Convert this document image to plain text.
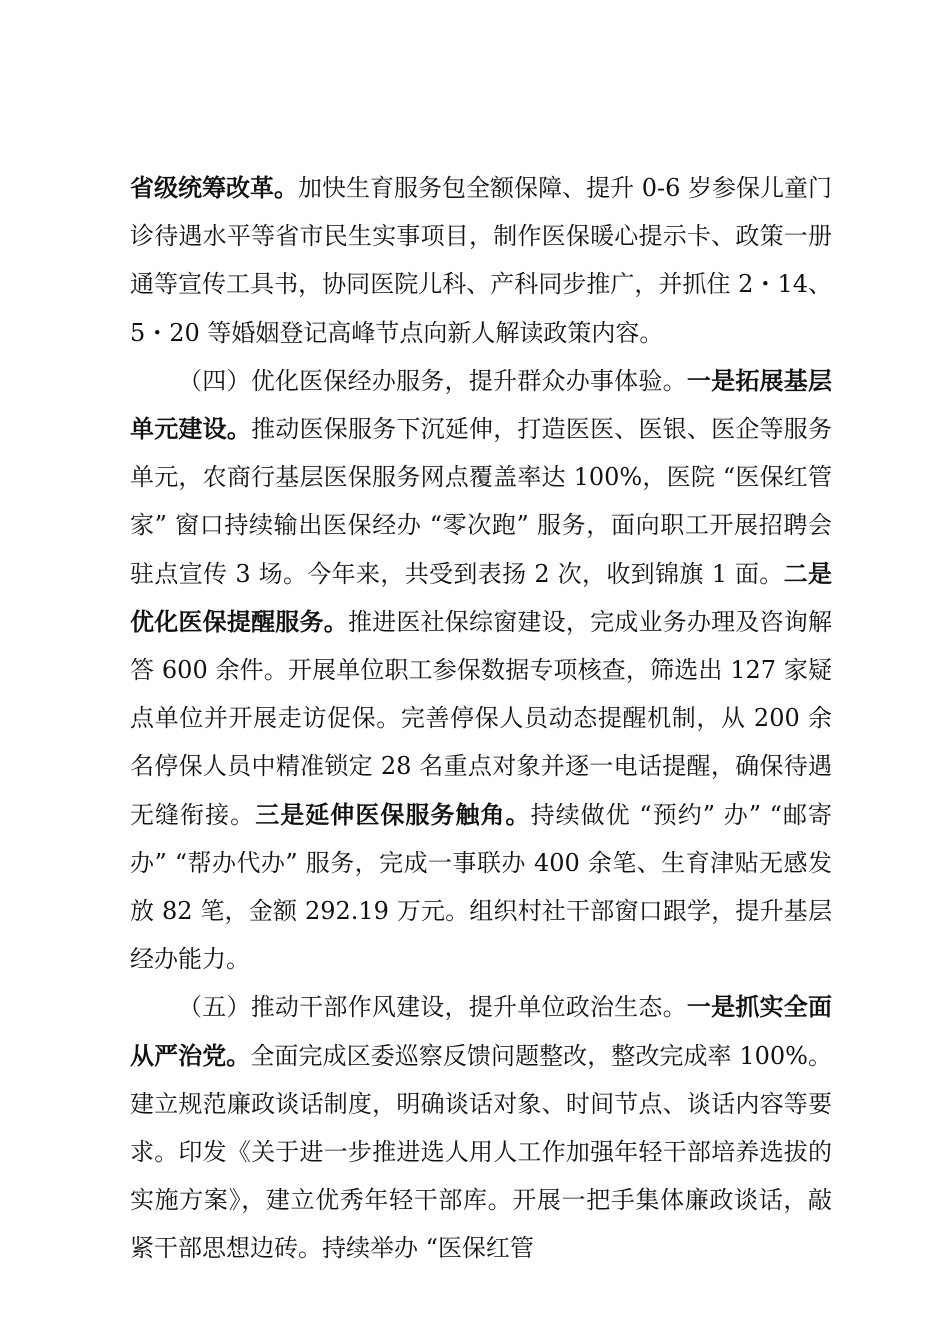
省级统筹改革。加快生育服务包全额保障、提升 0-6 岁参保儿童门诊待遇水平等省市民生实事项目，制作医保暖心提示卡、政策一册通等宣传工具书，协同医院儿科、产科同步推广，并抓住 2・14、5・20 等婚姻登记高峰节点向新人解读政策内容。

（四）优化医保经办服务，提升群众办事体验。一是拓展基层单元建设。推动医保服务下沉延伸，打造医医、医银、医企等服务单元，农商行基层医保服务网点覆盖率达 100%，医院 “医保红管家” 窗口持续输出医保经办 “零次跑” 服务，面向职工开展招聘会驻点宣传 3 场。今年来，共受到表扬 2 次，收到锦旗 1 面。二是优化医保提醒服务。推进医社保综窗建设，完成业务办理及咨询解答 600 余件。开展单位职工参保数据专项核查，筛选出 127 家疑点单位并开展走访促保。完善停保人员动态提醒机制，从 200 余名停保人员中精准锁定 28 名重点对象并逐一电话提醒，确保待遇无缝衔接。三是延伸医保服务触角。持续做优 “预约” 办” “邮寄办” “帮办代办” 服务，完成一事联办 400 余笔、生育津贴无感发放 82 笔，金额 292.19 万元。组织村社干部窗口跟学，提升基层经办能力。

（五）推动干部作风建设，提升单位政治生态。一是抓实全面从严治党。全面完成区委巡察反馈问题整改，整改完成率 100%。建立规范廉政谈话制度，明确谈话对象、时间节点、谈话内容等要求。印发《关于进一步推进选人用人工作加强年轻干部培养选拔的实施方案》，建立优秀年轻干部库。开展一把手集体廉政谈话，敲紧干部思想边砖。持续举办 “医保红管
